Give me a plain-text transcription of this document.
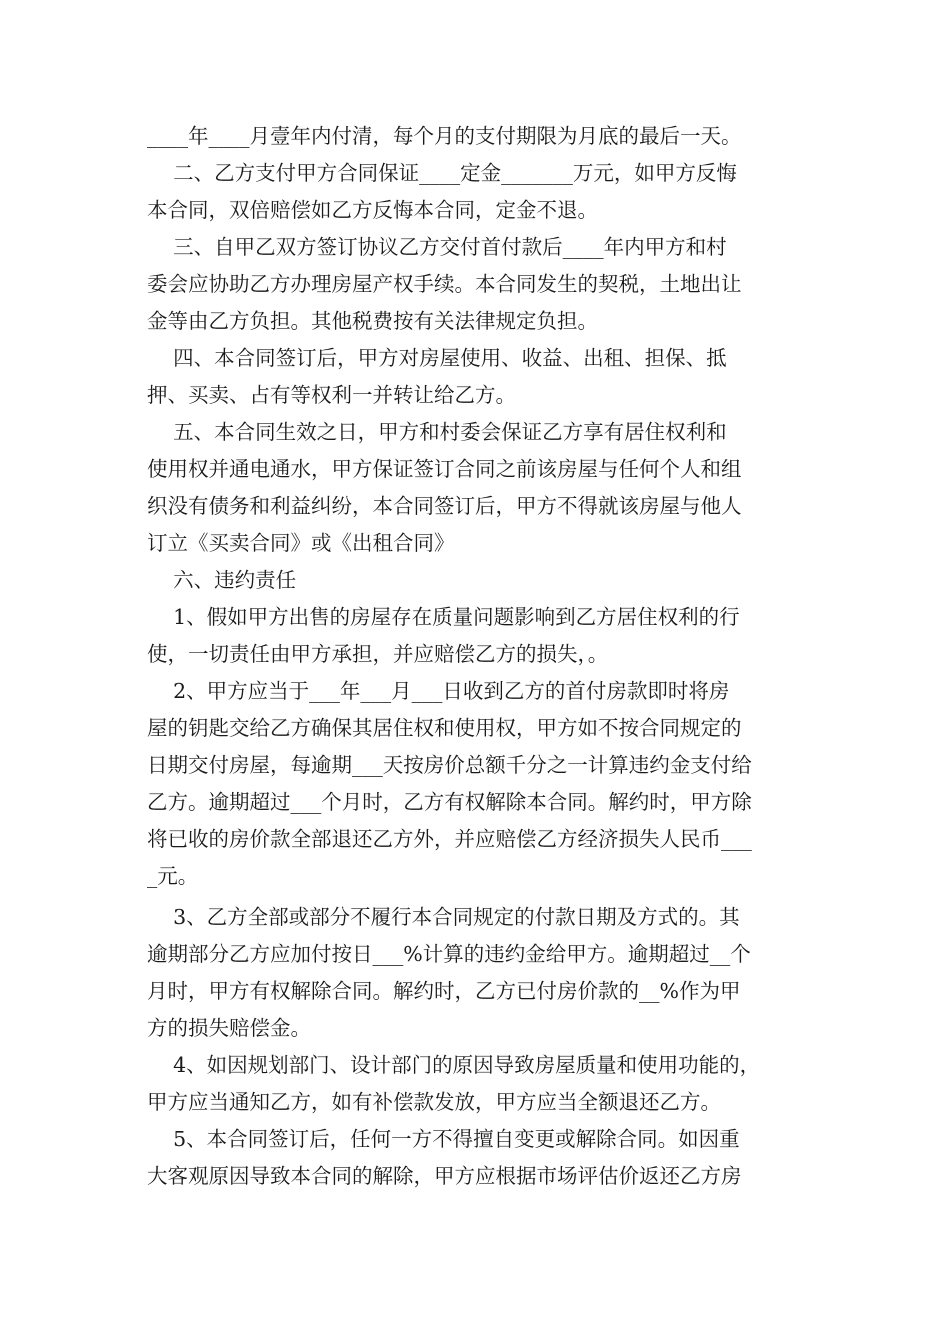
____年____月壹年内付清，每个月的支付期限为月底的最后一天。
二、乙方支付甲方合同保证____定金_______万元，如甲方反悔
本合同，双倍赔偿如乙方反悔本合同，定金不退。
三、自甲乙双方签订协议乙方交付首付款后____年内甲方和村
委会应协助乙方办理房屋产权手续。本合同发生的契税，土地出让
金等由乙方负担。其他税费按有关法律规定负担。
四、本合同签订后，甲方对房屋使用、收益、出租、担保、抵
押、买卖、占有等权利一并转让给乙方。
五、本合同生效之日，甲方和村委会保证乙方享有居住权利和
使用权并通电通水，甲方保证签订合同之前该房屋与任何个人和组
织没有债务和利益纠纷，本合同签订后，甲方不得就该房屋与他人
订立《买卖合同》或《出租合同》
六、违约责任
1、假如甲方出售的房屋存在质量问题影响到乙方居住权利的行
使，一切责任由甲方承担，并应赔偿乙方的损失，。
2、甲方应当于___年___月___日收到乙方的首付房款即时将房
屋的钥匙交给乙方确保其居住权和使用权，甲方如不按合同规定的
日期交付房屋，每逾期___天按房价总额千分之一计算违约金支付给
乙方。逾期超过___个月时，乙方有权解除本合同。解约时，甲方除
将已收的房价款全部退还乙方外，并应赔偿乙方经济损失人民币___
_元。
3、乙方全部或部分不履行本合同规定的付款日期及方式的。其
逾期部分乙方应加付按日___%计算的违约金给甲方。逾期超过__个
月时，甲方有权解除合同。解约时，乙方已付房价款的__%作为甲
方的损失赔偿金。
4、如因规划部门、设计部门的原因导致房屋质量和使用功能的，
甲方应当通知乙方，如有补偿款发放，甲方应当全额退还乙方。
5、本合同签订后，任何一方不得擅自变更或解除合同。如因重
大客观原因导致本合同的解除，甲方应根据市场评估价返还乙方房
